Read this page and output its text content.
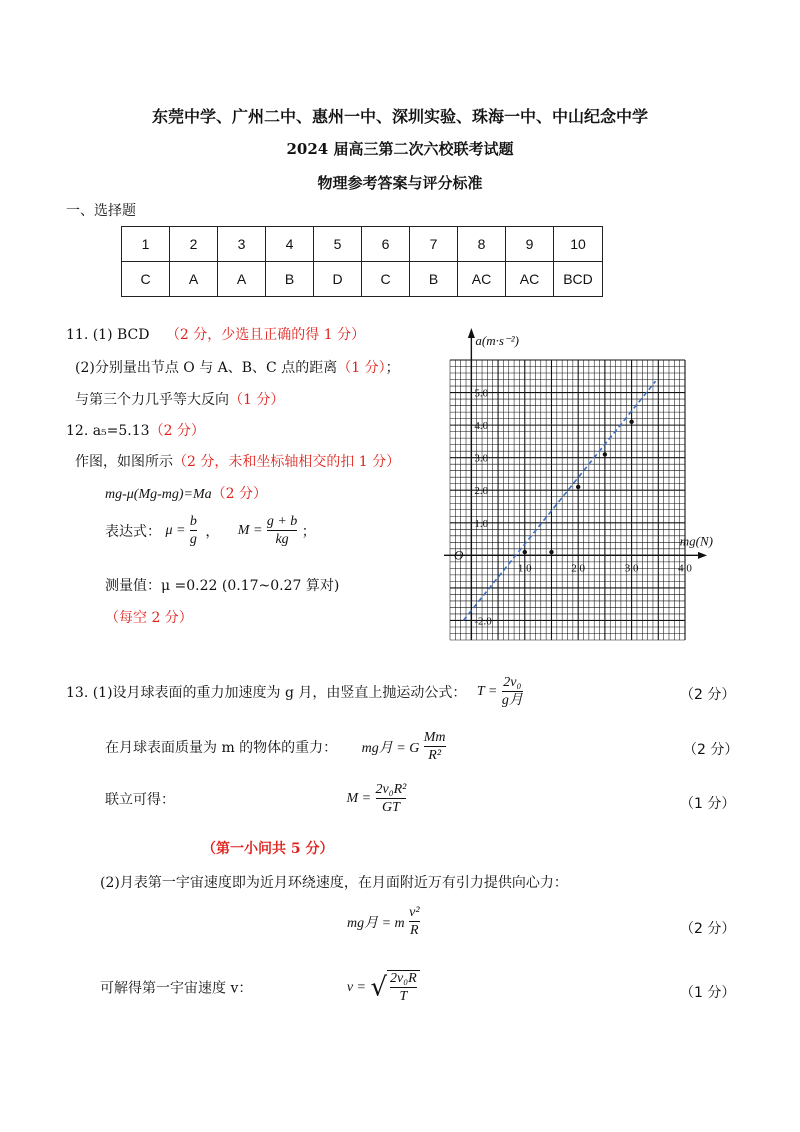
东莞中学、广州二中、惠州一中、深圳实验、珠海一中、中山纪念中学
2024 届高三第二次六校联考试题
物理参考答案与评分标准
一、选择题
1	2	3	4	5	6	7	8	9	10
C	A	A	B	D	C	B	AC	AC	BCD
11. (1) BCD （2 分，少选且正确的得 1 分）
(2)分别量出节点 O 与 A、B、C 点的距离（1 分）；
与第三个力几乎等大反向（1 分）
12. a₅=5.13（2 分）
作图，如图所示（2 分，未和坐标轴相交的扣 1 分）
mg-μ(Mg-mg)=Ma（2 分）
表达式： $\mu = \frac{b}{g}$ ， $M = \frac{g + b}{kg}$ ；
测量值：μ =0.22 (0.17~0.27 算对)
（每空 2 分）
1.0	2.0	3.0	4.0
-2.0
1.0
2.0
3.0
4.0
5.0
a(m·s⁻²)
mg(N)
O
13. (1)设月球表面的重力加速度为 g 月，由竖直上抛运动公式： $T = \frac{\text{2v₀}}{\text{g月}}$	（2 分）
在月球表面质量为 m 的物体的重力： mg月 = G $\frac{Mm}{\text{R²}}$	（2 分）
联立可得：	$M = \frac{\text{2v₀R²}}{GT}$	（1 分）
（第一小问共 5 分）
(2)月表第一宇宙速度即为近月环绕速度，在月面附近万有引力提供向心力：
mg月 = m $\frac{\text{v²}}{R}$	（2 分）
可解得第一宇宙速度 v：	v = √ $\frac{\text{2v₀R}}{T}$	（1 分）
